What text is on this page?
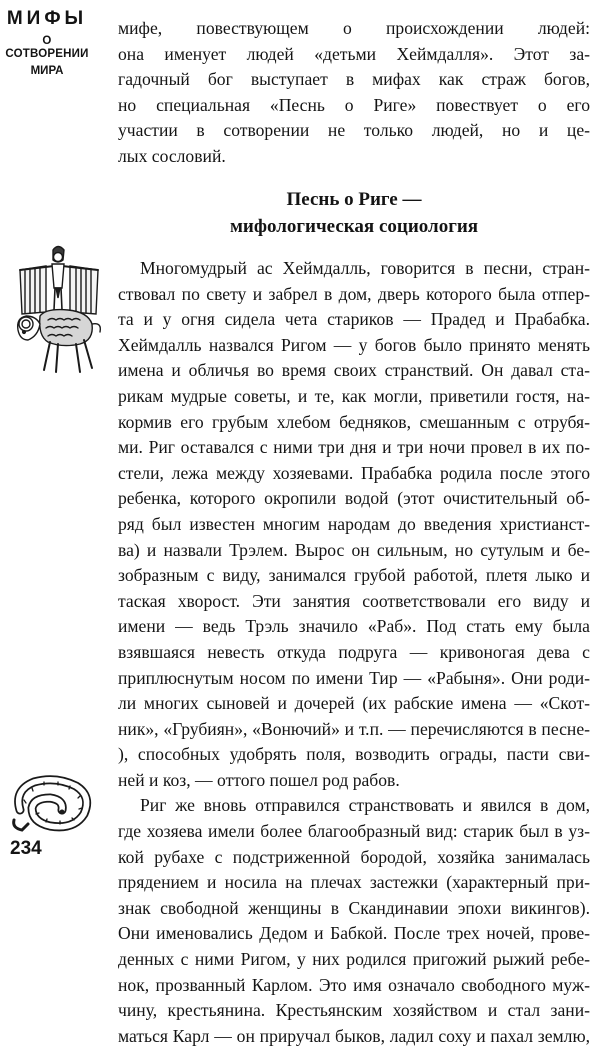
МИФЫ
О СОТВОРЕНИИ
МИРА
мифе, повествующем о происхождении людей:
она именует людей «детьми Хеймдалля». Этот за-
гадочный бог выступает в мифах как страж богов,
но специальная «Песнь о Риге» повествует о его
участии в сотворении не только людей, но и це-
лых сословий.
Песнь о Риге —
мифологическая социология
Многомудрый ас Хеймдалль, говорится в песни, стран-
ствовал по свету и забрел в дом, дверь которого была отпер-
та и у огня сидела чета стариков — Прадед и Прабабка.
Хеймдалль назвался Ригом — у богов было принято менять
имена и обличья во время своих странствий. Он давал ста-
рикам мудрые советы, и те, как могли, приветили гостя, на-
кормив его грубым хлебом бедняков, смешанным с отрубя-
ми. Риг оставался с ними три дня и три ночи провел в их по-
стели, лежа между хозяевами. Прабабка родила после этого
ребенка, которого окропили водой (этот очистительный об-
ряд был известен многим народам до введения христианст-
ва) и назвали Трэлем. Вырос он сильным, но сутулым и бе-
зобразным с виду, занимался грубой работой, плетя лыко и
таская хворост. Эти занятия соответствовали его виду и
имени — ведь Трэль значило «Раб». Под стать ему была
взявшаяся невесть откуда подруга — кривоногая дева с
приплюснутым носом по имени Тир — «Рабыня». Они роди-
ли многих сыновей и дочерей (их рабские имена — «Скот-
ник», «Грубиян», «Вонючий» и т.п. — перечисляются в песне-
), способных удобрять поля, возводить ограды, пасти сви-
ней и коз, — оттого пошел род рабов.
Риг же вновь отправился странствовать и явился в дом,
где хозяева имели более благообразный вид: старик был в уз-
кой рубахе с подстриженной бородой, хозяйка занималась
прядением и носила на плечах застежки (характерный при-
знак свободной женщины в Скандинавии эпохи викингов).
Они именовались Дедом и Бабкой. После трех ночей, прове-
денных с ними Ригом, у них родился пригожий рыжий ребе-
нок, прозванный Карлом. Это имя означало свободного муж-
чину, крестьянина. Крестьянским хозяйством и стал зани-
маться Карл — он приручал быков, ладил соху и пахал землю,
234
